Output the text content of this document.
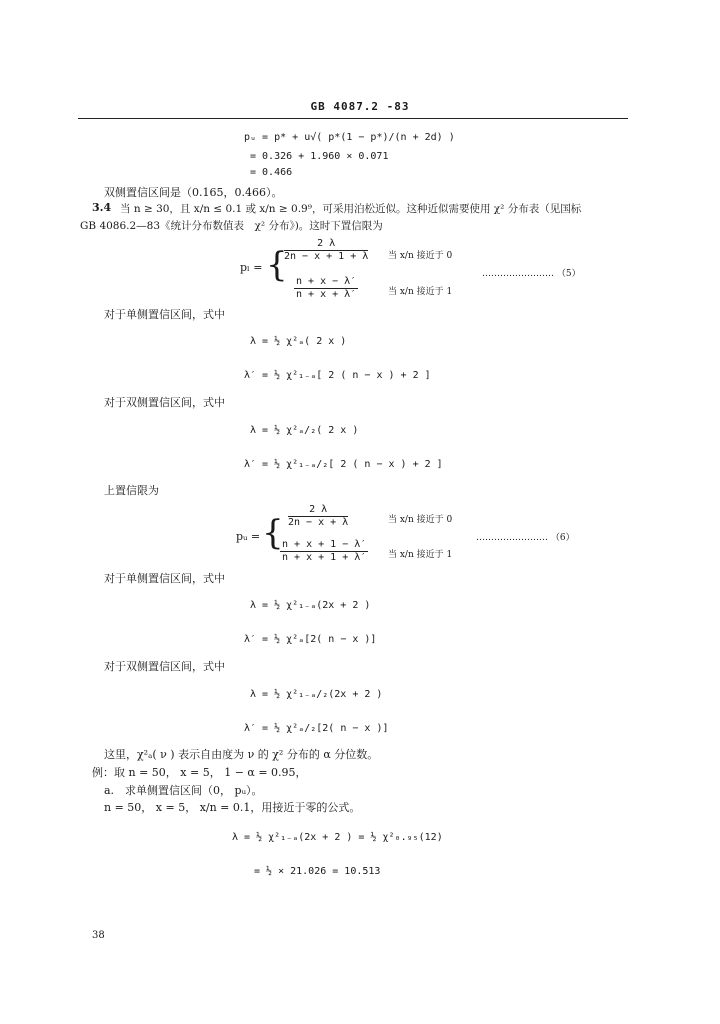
GB 4087.2 -83
pᵤ = p* + u√( p*(1 − p*)/(n + 2d) )
= 0.326 + 1.960 × 0.071
= 0.466
双侧置信区间是（0.165，0.466）。
3.4 当 n ≥ 30，且 x/n ≤ 0.1 或 x/n ≥ 0.9⁹，可采用泊松近似。这种近似需要使用 χ² 分布表（见国标
GB 4086.2—83《统计分布数值表　χ² 分布》)。这时下置信限为
pₗ = {
$\frac{2 \lambda}{2n - x + 1 + \lambda}$ 当 x/n 接近于 0
$\frac{n + x - \lambda'}{n + x + \lambda'}$	当 x/n 接近于 1
…………………… （5）
对于单侧置信区间，式中
λ = ½ χ²ₐ( 2 x )
λ′ = ½ χ²₁₋ₐ[ 2 ( n − x ) + 2 ]
对于双侧置信区间，式中
λ = ½ χ²ₐ/₂( 2 x )
λ′ = ½ χ²₁₋ₐ/₂[ 2 ( n − x ) + 2 ]
上置信限为
pᵤ = { $\frac{2 \lambda}{2n - x + \lambda}$	当 x/n 接近于 0
$\frac{n + x + 1 - \lambda'}{n + x + 1 + \lambda'}$ 当 x/n 接近于 1
…………………… （6）
对于单侧置信区间，式中
λ = ½ χ²₁₋ₐ(2x + 2 )
λ′ = ½ χ²ₐ[2( n − x )]
对于双侧置信区间，式中
λ = ½ χ²₁₋ₐ/₂(2x + 2 )
λ′ = ½ χ²ₐ/₂[2( n − x )]
这里，χ²ₐ( ν ) 表示自由度为 ν 的 χ² 分布的 α 分位数。
例：取 n = 50， x = 5， 1 − α = 0.95，
a.　求单侧置信区间（0， pᵤ）。
n = 50， x = 5， x/n = 0.1，用接近于零的公式。
λ = ½ χ²₁₋ₐ(2x + 2 ) = ½ χ²₀.₉₅(12)
= ½ × 21.026 = 10.513
38
